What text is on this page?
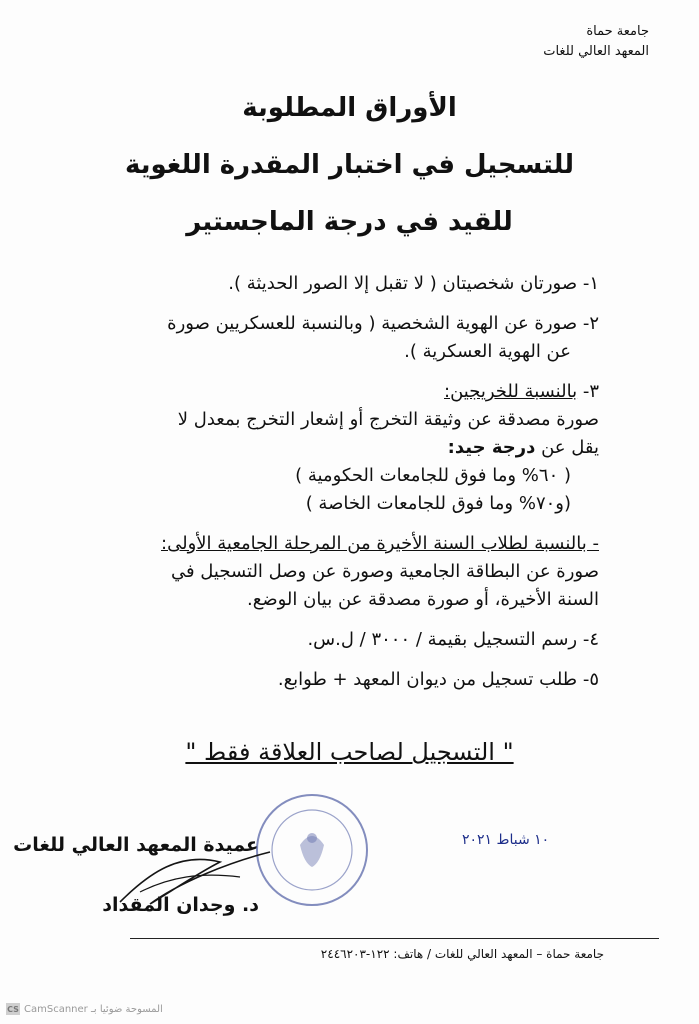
جامعة حماة
المعهد العالي للغات
الأوراق المطلوبة
للتسجيل في اختبار المقدرة اللغوية
للقيد في درجة الماجستير
١- صورتان شخصيتان ( لا تقبل إلا الصور الحديثة ).
٢- صورة عن الهوية الشخصية ( وبالنسبة للعسكريين صورة
عن الهوية العسكرية ).
٣- بالنسبة للخريجين:
صورة مصدقة عن وثيقة التخرج أو إشعار التخرج بمعدل لا
يقل عن درجة جيد:
( ٦٠% وما فوق للجامعات الحكومية )
(و٧٠% وما فوق للجامعات الخاصة )
- بالنسبة لطلاب السنة الأخيرة من المرحلة الجامعية الأولى:
صورة عن البطاقة الجامعية وصورة عن وصل التسجيل في
السنة الأخيرة، أو صورة مصدقة عن بيان الوضع.
٤- رسم التسجيل بقيمة / ٣٠٠٠ / ل.س.
٥- طلب تسجيل من ديوان المعهد + طوابع.
" التسجيل لصاحب العلاقة فقط "
عميدة المعهد العالي للغات
د. وجدان المقداد
١٠ شباط ٢٠٢١
جامعة حماة – المعهد العالي للغات / هاتف: ١٢٢-٢٤٤٦٢٠٣
CS CamScanner المسوحة ضوئيا بـ
